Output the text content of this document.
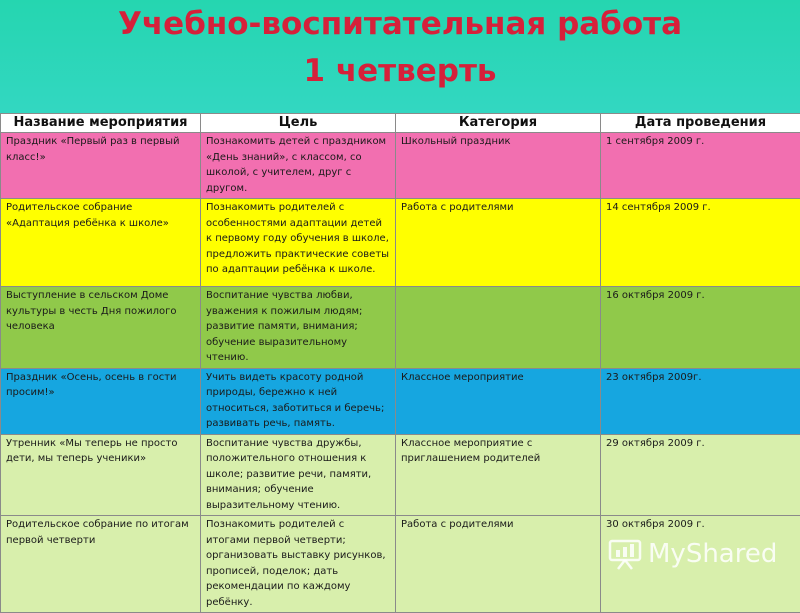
Учебно-воспитательная работа
1 четверть
Название мероприятия	Цель	Категория	Дата проведения
Праздник «Первый раз в первый класс!»	Познакомить детей с праздником «День знаний», с классом, со школой, с учителем, друг с другом.	Школьный праздник	1 сентября 2009 г.
Родительское собрание «Адаптация ребёнка к школе»	Познакомить родителей с особенностями адаптации детей к первому году обучения в школе, предложить практические советы по адаптации ребёнка к школе.	Работа с родителями	14 сентября 2009 г.
Выступление в сельском Доме культуры в честь Дня пожилого человека	Воспитание чувства любви, уважения к пожилым людям; развитие памяти, внимания; обучение выразительному чтению.		16 октября 2009 г.
Праздник «Осень, осень в гости просим!»	Учить видеть красоту родной природы, бережно к ней относиться, заботиться и беречь; развивать речь, память.	Классное мероприятие	23 октября 2009г.
Утренник «Мы теперь не просто дети, мы теперь ученики»	Воспитание чувства дружбы, положительного отношения к школе; развитие речи, памяти, внимания; обучение выразительному чтению.	Классное мероприятие с приглашением родителей	29 октября 2009 г.
Родительское собрание по итогам первой четверти	Познакомить родителей с итогами первой четверти; организовать выставку рисунков, прописей, поделок; дать рекомендации по каждому ребёнку.	Работа с родителями	30 октября 2009 г.
MyShared
